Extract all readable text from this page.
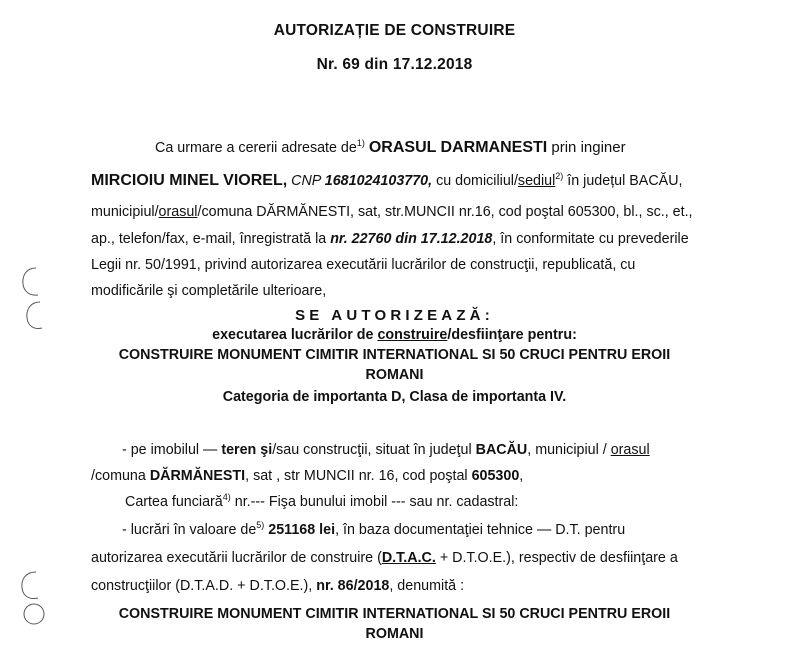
AUTORIZAȚIE DE CONSTRUIRE
Nr. 69 din 17.12.2018
Ca urmare a cererii adresate $de^{1)}$ ORASUL DARMANESTI prin inginer
MIRCIOIU MINEL VIOREL, CNP 1681024103770, cu domiciliul/sediul$^{2)}$ în județul BACĂU,
municipiul/orasul/comuna DĂRMĂNESTI, sat, str.MUNCII nr.16, cod poştal 605300, bl., sc., et.,
ap., telefon/fax, e-mail, înregistrată la nr. 22760 din 17.12.2018, în conformitate cu prevederile
Legii nr. 50/1991, privind autorizarea executării lucrărilor de construcţii, republicată, cu
modificările şi completările ulterioare,
SE AUTORIZEAZĂ:
executarea lucrărilor de construire/desfiinţare pentru:
CONSTRUIRE MONUMENT CIMITIR INTERNATIONAL SI 50 CRUCI PENTRU EROII
ROMANI
Categoria de importanta D, Clasa de importanta IV.
- pe imobilul — teren şi/sau construcţii, situat în judeţul BACĂU, municipiul / orasul
/comuna DĂRMĂNESTI, sat , str MUNCII nr. 16, cod poştal 605300,
Cartea funciară$^{4)}$ nr.--- Fişa bunului imobil --- sau nr. cadastral:
- lucrări în valoare $de^{5)}$ 251168 lei, în baza documentaţiei tehnice — D.T. pentru
autorizarea executării lucrărilor de construire (D.T.A.C. + D.T.O.E.), respectiv de desfiinţare a
construcţiilor (D.T.A.D. + D.T.O.E.), nr. 86/2018, denumită :
CONSTRUIRE MONUMENT CIMITIR INTERNATIONAL SI 50 CRUCI PENTRU EROII
ROMANI
